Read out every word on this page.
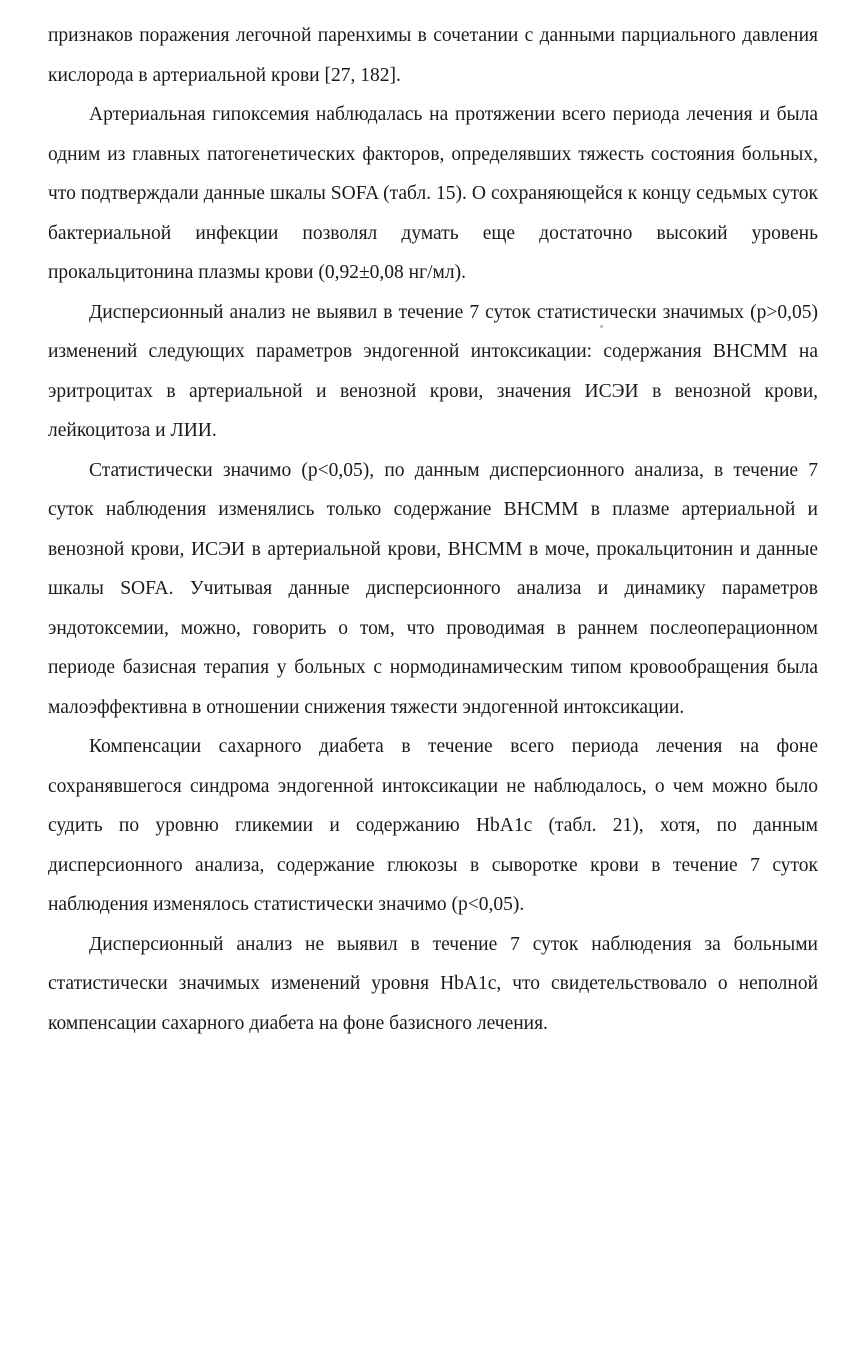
признаков поражения легочной паренхимы в сочетании с данными парциального давления кислорода в артериальной крови [27, 182].

Артериальная гипоксемия наблюдалась на протяжении всего периода лечения и была одним из главных патогенетических факторов, определявших тяжесть состояния больных, что подтверждали данные шкалы SOFA (табл. 15). О сохраняющейся к концу седьмых суток бактериальной инфекции позволял думать еще достаточно высокий уровень прокальцитонина плазмы крови (0,92±0,08 нг/мл).

Дисперсионный анализ не выявил в течение 7 суток статистически значимых (p>0,05) изменений следующих параметров эндогенной интоксикации: содержания ВНСММ на эритроцитах в артериальной и венозной крови, значения ИСЭИ в венозной крови, лейкоцитоза и ЛИИ.

Статистически значимо (p<0,05), по данным дисперсионного анализа, в течение 7 суток наблюдения изменялись только содержание ВНСММ в плазме артериальной и венозной крови, ИСЭИ в артериальной крови, ВНСММ в моче, прокальцитонин и данные шкалы SOFA. Учитывая данные дисперсионного анализа и динамику параметров эндотоксемии, можно, говорить о том, что проводимая в раннем послеоперационном периоде базисная терапия у больных с нормодинамическим типом кровообращения была малоэффективна в отношении снижения тяжести эндогенной интоксикации.

Компенсации сахарного диабета в течение всего периода лечения на фоне сохранявшегося синдрома эндогенной интоксикации не наблюдалось, о чем можно было судить по уровню гликемии и содержанию HbA1c (табл. 21), хотя, по данным дисперсионного анализа, содержание глюкозы в сыворотке крови в течение 7 суток наблюдения изменялось статистически значимо (p<0,05).

Дисперсионный анализ не выявил в течение 7 суток наблюдения за больными статистически значимых изменений уровня HbA1c, что свидетельствовало о неполной компенсации сахарного диабета на фоне базисного лечения.
